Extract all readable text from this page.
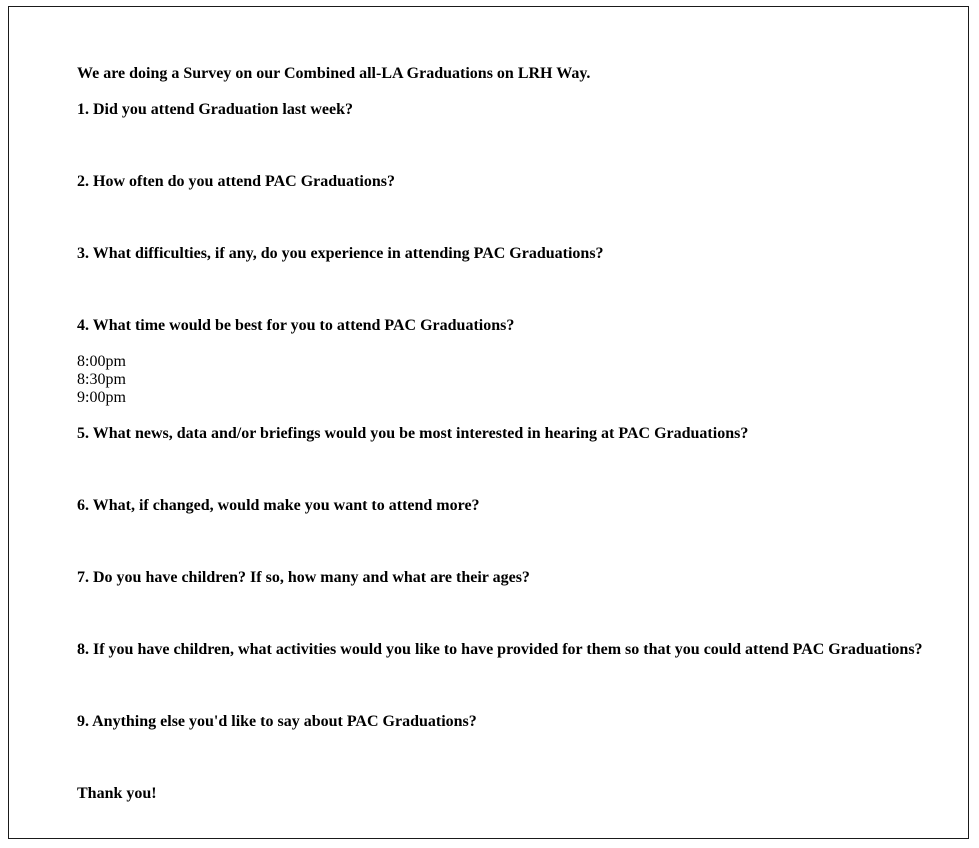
We are doing a Survey on our Combined all-LA Graduations on LRH Way.
1. Did you attend Graduation last week?
2. How often do you attend PAC Graduations?
3. What difficulties, if any, do you experience in attending PAC Graduations?
4. What time would be best for you to attend PAC Graduations?
8:00pm
8:30pm
9:00pm
5. What news, data and/or briefings would you be most interested in hearing at PAC Graduations?
6. What, if changed, would make you want to attend more?
7. Do you have children? If so, how many and what are their ages?
8. If you have children, what activities would you like to have provided for them so that you could attend PAC Graduations?
9. Anything else you'd like to say about PAC Graduations?
Thank you!
